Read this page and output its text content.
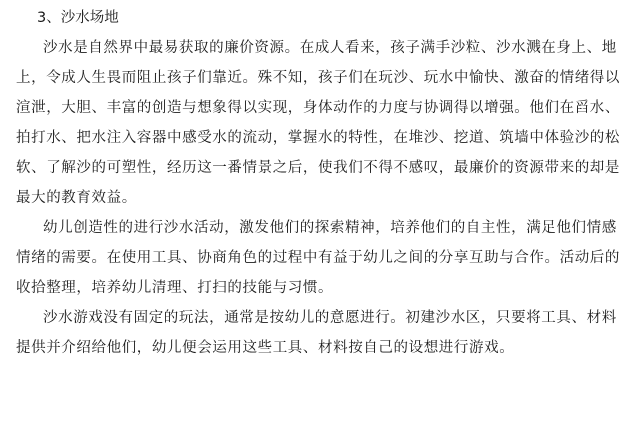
3、沙水场地
沙水是自然界中最易获取的廉价资源。在成人看来，孩子满手沙粒、沙水溅在身上、地
上，令成人生畏而阻止孩子们靠近。殊不知，孩子们在玩沙、玩水中愉快、激奋的情绪得以
渲泄，大胆、丰富的创造与想象得以实现，身体动作的力度与协调得以增强。他们在舀水、
拍打水、把水注入容器中感受水的流动，掌握水的特性，在堆沙、挖道、筑墙中体验沙的松
软、了解沙的可塑性，经历这一番情景之后，使我们不得不感叹，最廉价的资源带来的却是
最大的教育效益。
幼儿创造性的进行沙水活动，激发他们的探索精神，培养他们的自主性，满足他们情感
情绪的需要。在使用工具、协商角色的过程中有益于幼儿之间的分享互助与合作。活动后的
收拾整理，培养幼儿清理、打扫的技能与习惯。
沙水游戏没有固定的玩法，通常是按幼儿的意愿进行。初建沙水区，只要将工具、材料
提供并介绍给他们，幼儿便会运用这些工具、材料按自己的设想进行游戏。
